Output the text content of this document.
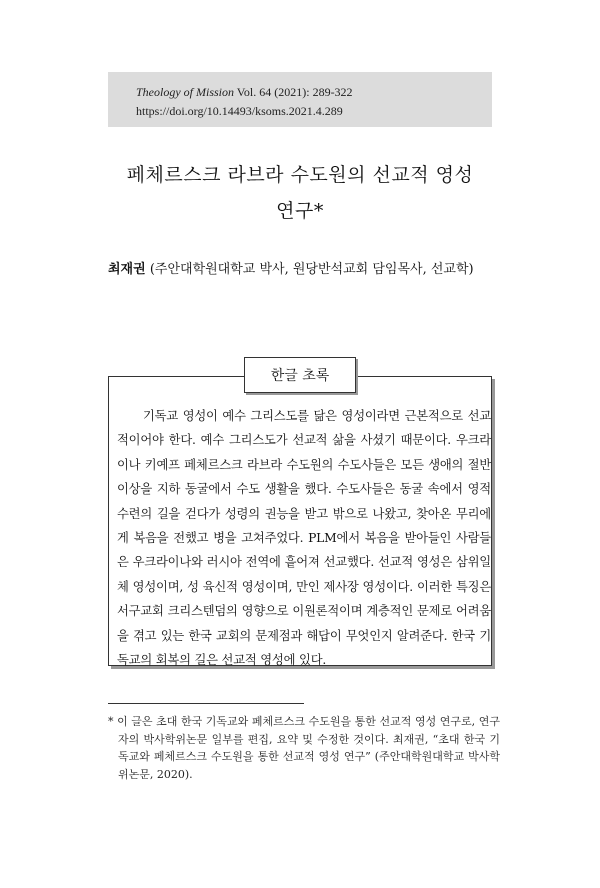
Theology of Mission Vol. 64 (2021): 289-322
https://doi.org/10.14493/ksoms.2021.4.289
페체르스크 라브라 수도원의 선교적 영성
연구*
최재권 (주안대학원대학교 박사, 원당반석교회 담임목사, 선교학)
한글 초록
기독교 영성이 예수 그리스도를 닮은 영성이라면 근본적으로 선교적이어야 한다. 예수 그리스도가 선교적 삶을 사셨기 때문이다. 우크라이나 키예프 페체르스크 라브라 수도원의 수도사들은 모든 생애의 절반 이상을 지하 동굴에서 수도 생활을 했다. 수도사들은 동굴 속에서 영적 수련의 길을 걷다가 성령의 권능을 받고 밖으로 나왔고, 찾아온 무리에게 복음을 전했고 병을 고쳐주었다. PLM에서 복음을 받아들인 사람들은 우크라이나와 러시아 전역에 흩어져 선교했다. 선교적 영성은 삼위일체 영성이며, 성 육신적 영성이며, 만인 제사장 영성이다. 이러한 특징은 서구교회 크리스텐덤의 영향으로 이원론적이며 계층적인 문제로 어려움을 겪고 있는 한국 교회의 문제점과 해답이 무엇인지 알려준다. 한국 기독교의 회복의 길은 선교적 영성에 있다.
* 이 글은 초대 한국 기독교와 페체르스크 수도원을 통한 선교적 영성 연구로, 연구자의 박사학위논문 일부를 편집, 요약 및 수정한 것이다. 최재권, “초대 한국 기독교와 페체르스크 수도원을 통한 선교적 영성 연구” (주안대학원대학교 박사학위논문, 2020).
